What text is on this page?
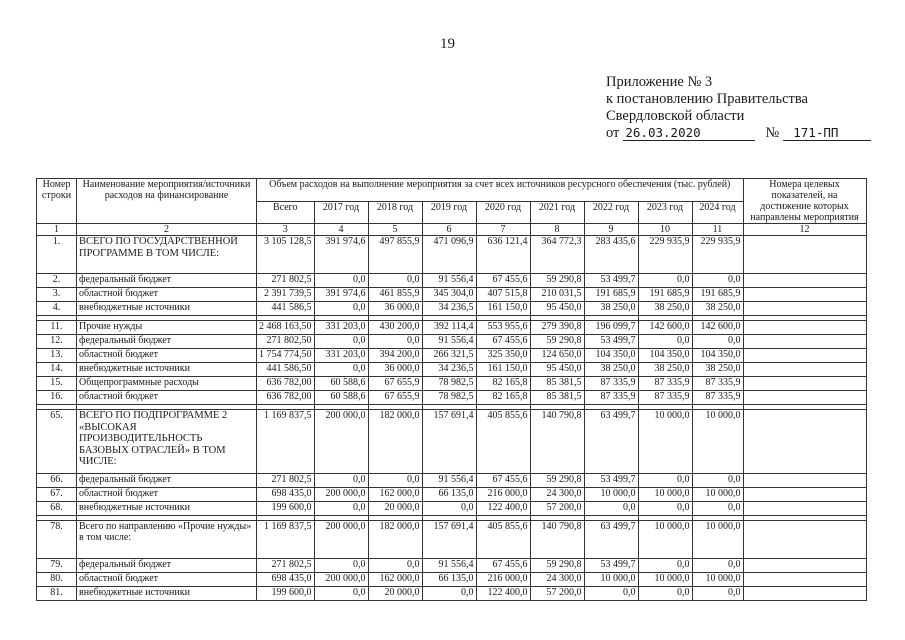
19
Приложение № 3
к постановлению Правительства
Свердловской области
от 26.03.2020	№ 171-ПП
Номер строки	Наименование мероприятия/источники расходов на финансирование	Объем расходов на выполнение мероприятия за счет всех источников ресурсного обеспечения (тыс. рублей)									Номера целевых показателей, на достижение которых направлены мероприятия
		Всего	2017 год	2018 год	2019 год	2020 год	2021 год	2022 год	2023 год	2024 год	
1	2	3	4	5	6	7	8	9	10	11	12
1.	ВСЕГО ПО ГОСУДАРСТВЕННОЙ ПРОГРАММЕ В ТОМ ЧИСЛЕ:	3 105 128,5	391 974,6	497 855,9	471 096,9	636 121,4	364 772,3	283 435,6	229 935,9	229 935,9	
2.	федеральный бюджет	271 802,5	0,0	0,0	91 556,4	67 455,6	59 290,8	53 499,7	0,0	0,0	
3.	областной бюджет	2 391 739,5	391 974,6	461 855,9	345 304,0	407 515,8	210 031,5	191 685,9	191 685,9	191 685,9	
4.	внебюджетные источники	441 586,5	0,0	36 000,0	34 236,5	161 150,0	95 450,0	38 250,0	38 250,0	38 250,0	

11.	Прочие нужды	2 468 163,50	331 203,0	430 200,0	392 114,4	553 955,6	279 390,8	196 099,7	142 600,0	142 600,0	
12.	федеральный бюджет	271 802,50	0,0	0,0	91 556,4	67 455,6	59 290,8	53 499,7	0,0	0,0	
13.	областной бюджет	1 754 774,50	331 203,0	394 200,0	266 321,5	325 350,0	124 650,0	104 350,0	104 350,0	104 350,0	
14.	внебюджетные источники	441 586,50	0,0	36 000,0	34 236,5	161 150,0	95 450,0	38 250,0	38 250,0	38 250,0	
15.	Общепрограммные расходы	636 782,00	60 588,6	67 655,9	78 982,5	82 165,8	85 381,5	87 335,9	87 335,9	87 335,9	
16.	областной бюджет	636 782,00	60 588,6	67 655,9	78 982,5	82 165,8	85 381,5	87 335,9	87 335,9	87 335,9	

65.	ВСЕГО ПО ПОДПРОГРАММЕ 2 «ВЫСОКАЯ ПРОИЗВОДИТЕЛЬНОСТЬ БАЗОВЫХ ОТРАСЛЕЙ» В ТОМ ЧИСЛЕ:	1 169 837,5	200 000,0	182 000,0	157 691,4	405 855,6	140 790,8	63 499,7	10 000,0	10 000,0	
66.	федеральный бюджет	271 802,5	0,0	0,0	91 556,4	67 455,6	59 290,8	53 499,7	0,0	0,0	
67.	областной бюджет	698 435,0	200 000,0	162 000,0	66 135,0	216 000,0	24 300,0	10 000,0	10 000,0	10 000,0	
68.	внебюджетные источники	199 600,0	0,0	20 000,0	0,0	122 400,0	57 200,0	0,0	0,0	0,0	

78.	Всего по направлению «Прочие нужды» в том числе:	1 169 837,5	200 000,0	182 000,0	157 691,4	405 855,6	140 790,8	63 499,7	10 000,0	10 000,0	
79.	федеральный бюджет	271 802,5	0,0	0,0	91 556,4	67 455,6	59 290,8	53 499,7	0,0	0,0	
80.	областной бюджет	698 435,0	200 000,0	162 000,0	66 135,0	216 000,0	24 300,0	10 000,0	10 000,0	10 000,0	
81.	внебюджетные источники	199 600,0	0,0	20 000,0	0,0	122 400,0	57 200,0	0,0	0,0	0,0	
